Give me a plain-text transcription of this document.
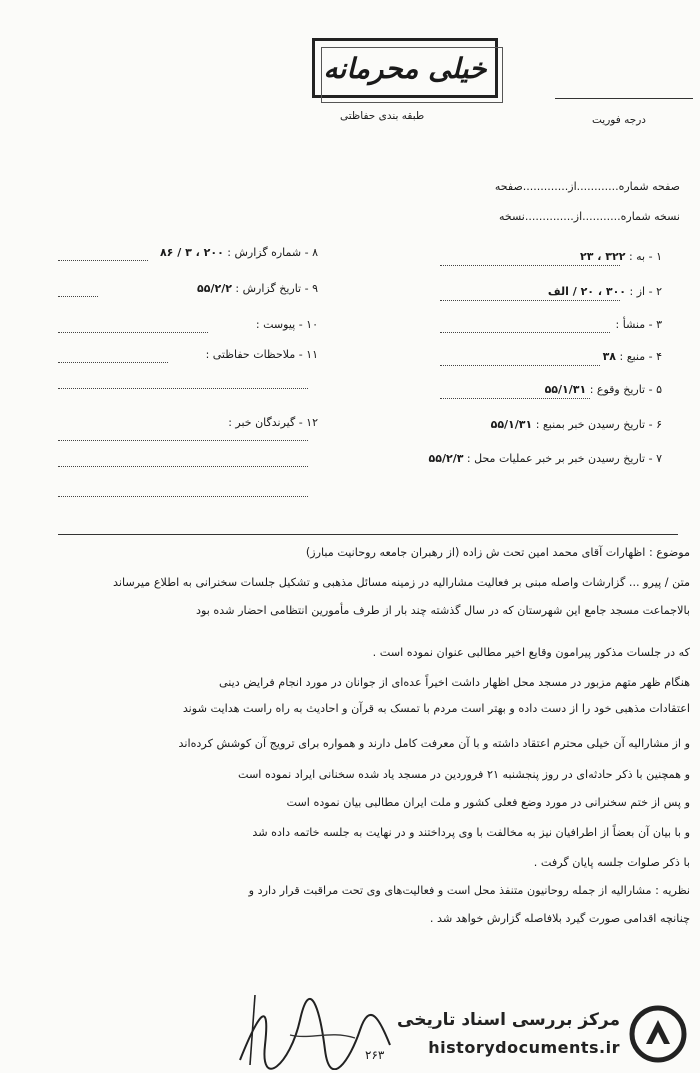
خیلی محرمانه
طبقه بندی حفاظتی	درجه فوریت
صفحه شماره............از.............صفحه
نسخه شماره...........از..............نسخه
۱ - به : ۳۲۲ ، ۲۳
۲ - از : ۳۰۰ ، ۲۰ / الف
۳ - منشأ :
۴ - منبع : ۳۸
۵ - تاریخ وقوع : ۵۵/۱/۳۱
۶ - تاریخ رسیدن خبر بمنبع : ۵۵/۱/۳۱
۷ - تاریخ رسیدن خبر بر خبر عملیات محل : ۵۵/۲/۳
۸ - شماره گزارش : ۲۰۰ ، ۳ / ۸۶
۹ - تاریخ گزارش : ۵۵/۲/۲
۱۰ - پیوست :
۱۱ - ملاحظات حفاظتی :
۱۲ - گیرندگان خبر :
موضوع : اظهارات آقای محمد امین تحت ش زاده (از رهبران جامعه روحانیت مبارز)
متن / پیرو ... گزارشات واصله مبنی بر فعالیت مشارالیه در زمینه مسائل مذهبی و تشکیل جلسات سخنرانی به اطلاع میرساند
بالاجماعت مسجد جامع این شهرستان که در سال گذشته چند بار از طرف مأمورین انتظامی احضار شده بود
که در جلسات مذکور پیرامون وقایع اخیر مطالبی عنوان نموده است .
هنگام ظهر متهم مزبور در مسجد محل اظهار داشت اخیراً عده‌ای از جوانان در مورد انجام فرایض دینی
اعتقادات مذهبی خود را از دست داده و بهتر است مردم با تمسک به قرآن و احادیث به راه راست هدایت شوند
و از مشارالیه آن خیلی محترم اعتقاد داشته و با آن معرفت کامل دارند و همواره برای ترویج آن کوشش کرده‌اند
و همچنین با ذکر حادثه‌ای در روز پنجشنبه ۲۱ فروردین در مسجد یاد شده سخنانی ایراد نموده است
و پس از ختم سخنرانی در مورد وضع فعلی کشور و ملت ایران مطالبی بیان نموده است
و با بیان آن بعضاً از اطرافیان نیز به مخالفت با وی پرداختند و در نهایت به جلسه خاتمه داده شد
با ذکر صلوات جلسه پایان گرفت .
نظریه : مشارالیه از جمله روحانیون متنفذ محل است و فعالیت‌های وی تحت مراقبت قرار دارد و
چنانچه اقدامی صورت گیرد بلافاصله گزارش خواهد شد .
۲۶۳
مرکز بررسی اسناد تاریخی
historydocuments.ir
